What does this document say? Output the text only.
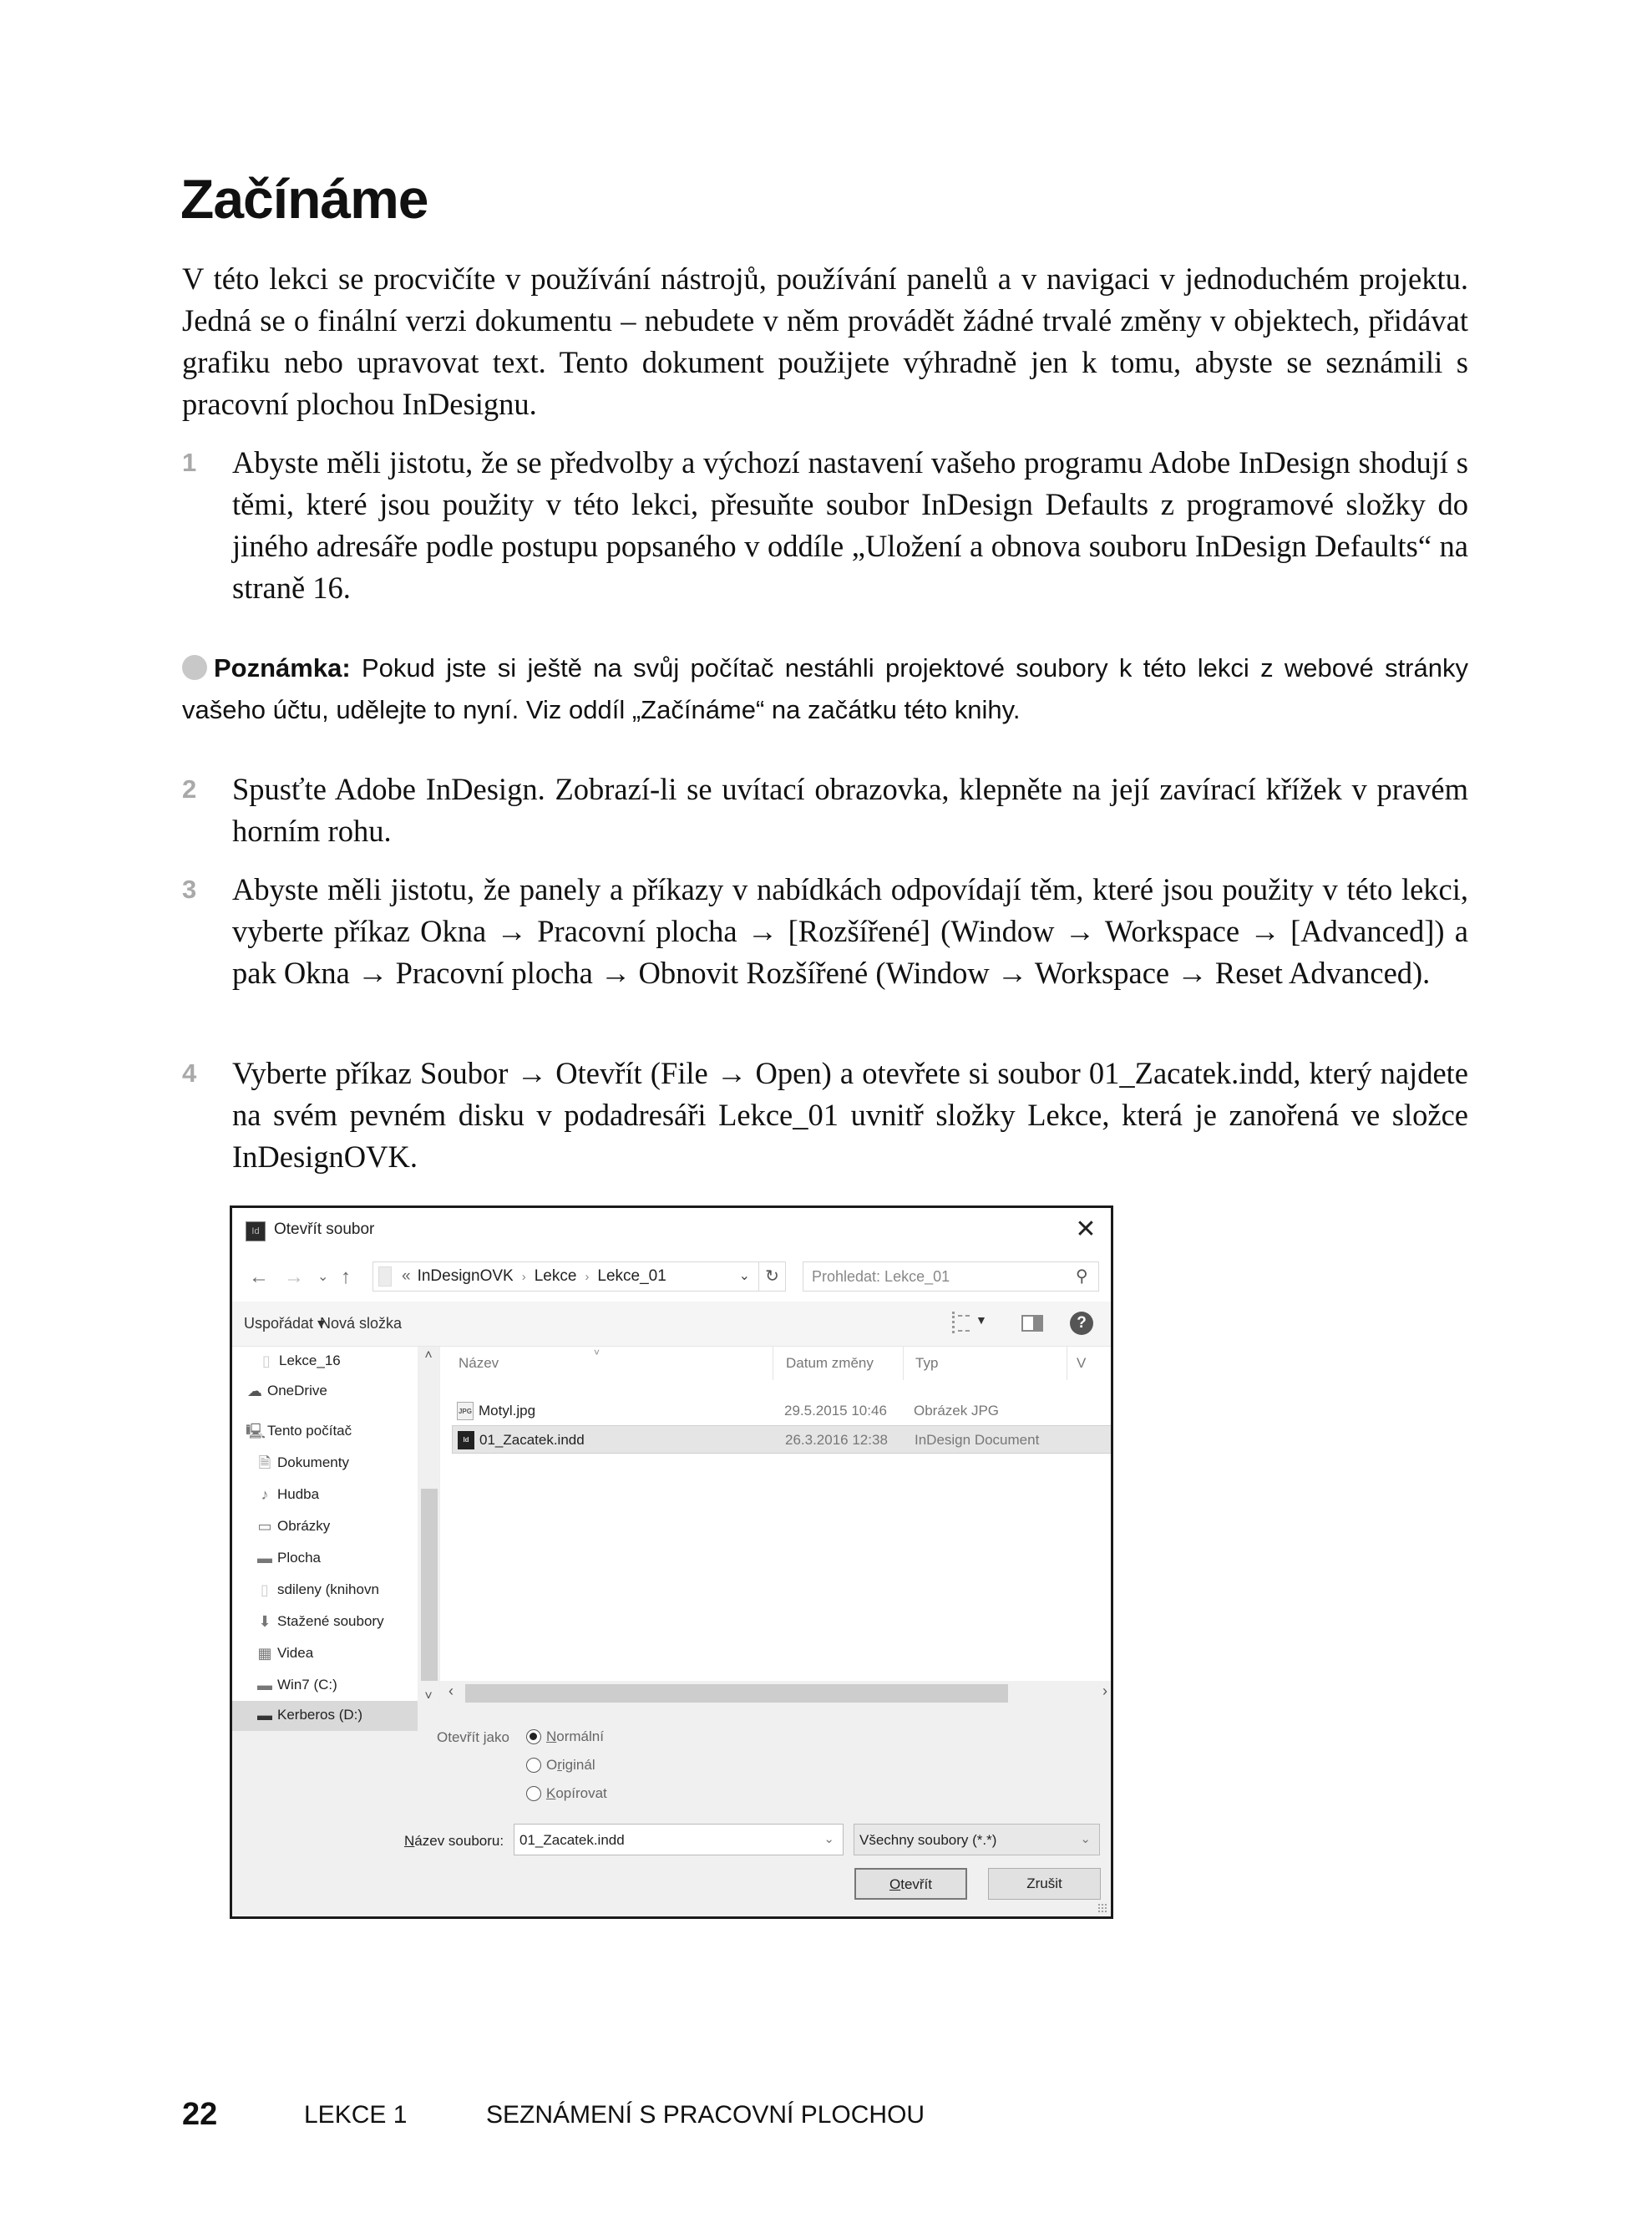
Začínáme

V této lekci se procvičíte v používání nástrojů, používání panelů a v navigaci v jednoduchém projektu. Jedná se o finální verzi dokumentu – nebudete v něm provádět žádné trvalé změny v objektech, přidávat grafiku nebo upravovat text. Tento dokument použijete výhradně jen k tomu, abyste se seznámili s pracovní plochou InDesignu.

1 Abyste měli jistotu, že se předvolby a výchozí nastavení vašeho programu Adobe InDesign shodují s těmi, které jsou použity v této lekci, přesuňte soubor InDesign Defaults z programové složky do jiného adresáře podle postupu popsaného v oddíle „Uložení a obnova souboru InDesign Defaults“ na straně 16.

Poznámka: Pokud jste si ještě na svůj počítač nestáhli projektové soubory k této lekci z webové stránky vašeho účtu, udělejte to nyní. Viz oddíl „Začínáme“ na začátku této knihy.

2 Spusťte Adobe InDesign. Zobrazí-li se uvítací obrazovka, klepněte na její zavírací křížek v pravém horním rohu.

3 Abyste měli jistotu, že panely a příkazy v nabídkách odpovídají těm, které jsou použity v této lekci, vyberte příkaz Okna → Pracovní plocha → [Rozšířené] (Window → Workspace → [Advanced]) a pak Okna → Pracovní plocha → Obnovit Rozšířené (Window → Workspace → Reset Advanced).

4 Vyberte příkaz Soubor → Otevřít (File → Open) a otevřete si soubor 01_Zacatek.indd, který najdete na svém pevném disku v podadresáři Lekce_01 uvnitř složky Lekce, která je zanořená ve složce InDesignOVK.

Id Otevřít soubor	✕
← → ⌄ ↑	« InDesignOVK › Lekce › Lekce_01	⌄ ↻	Prohledat: Lekce_01	⚲
Uspořádat ▾
Nová složka	▼	?
▯ Lekce_16
☁ OneDrive
🖳 Tento počítač
🗎 Dokumenty
♪ Hudba
▭ Obrázky
▬ Plocha
▯ sdileny (knihovn
⬇ Stažené soubory
▦ Videa
▬ Win7 (C:)
▬ Kerberos (D:)
˄
˅
˅
Název	Datum změny	Typ	V
JPG Motyl.jpg	29.5.2015 10:46 Obrázek JPG
Id 01_Zacatek.indd	26.3.2016 12:38 InDesign Document
‹	›
Otevřít jako	Normální
Originál
Kopírovat
Název souboru:	01_Zacatek.indd	⌄	Všechny soubory (*.*)	⌄
Otevřít	Zrušit
22	LEKCE 1	SEZNÁMENÍ S PRACOVNÍ PLOCHOU
